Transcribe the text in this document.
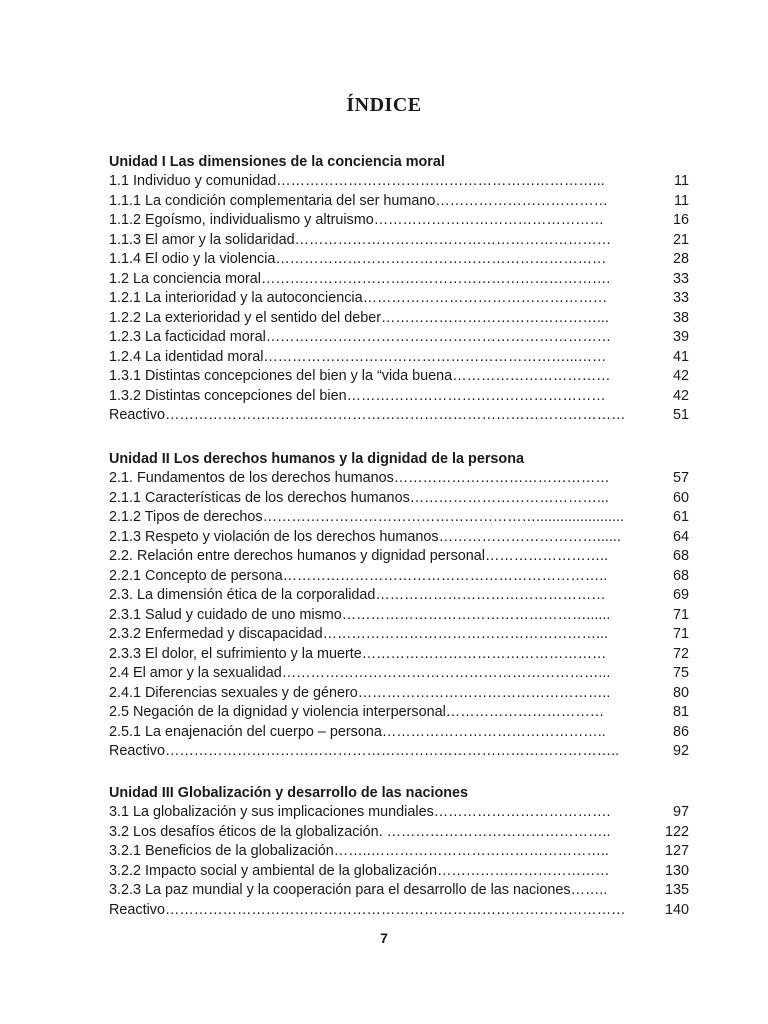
ÍNDICE
Unidad I Las dimensiones de la conciencia moral
1.1 Individuo y comunidad…………………………………………………………...	11
1.1.1 La condición complementaria del ser humano………………………………	11
1.1.2 Egoísmo, individualismo y altruismo…………………………………………	16
1.1.3 El amor y la solidaridad…………………………………………………………	21
1.1.4 El odio y la violencia……………………………………………………………	28
1.2 La conciencia moral……………………………………………………………….	33
1.2.1 La interioridad y la autoconciencia……………………………………………	33
1.2.2 La exterioridad y el sentido del deber………………………………………...	38
1.2.3 La facticidad moral………………………………………………………………	39
1.2.4 La identidad moral………………………………………………………...……	41
1.3.1 Distintas concepciones del bien y la “vida buena……………………………	42
1.3.2 Distintas concepciones del bien………………………………………………	42
Reactivo……………………………………………………………………………………	51
Unidad II Los derechos humanos y la dignidad de la persona
2.1. Fundamentos de los derechos humanos………………………………………	57
2.1.1 Características de los derechos humanos…………………………………...	60
2.1.2 Tipos de derechos…………………………………………………......................	61
2.1.3 Respeto y violación de los derechos humanos……………………………......	64
2.2. Relación entre derechos humanos y dignidad personal……………………..	68
2.2.1 Concepto de persona…………………………………………………………..	68
2.3. La dimensión ética de la corporalidad…………………………………………	69
2.3.1 Salud y cuidado de uno mismo……………………………………………......	71
2.3.2 Enfermedad y discapacidad…………………………………………………...	71
2.3.3 El dolor, el sufrimiento y la muerte……………………………………………	72
2.4 El amor y la sexualidad…………………………………………………………...	75
2.4.1 Diferencias sexuales y de género……………………………………………..	80
2.5 Negación de la dignidad y violencia interpersonal……………………………	81
2.5.1 La enajenación del cuerpo – persona………………………………………..	86
Reactivo…………………………………………………………………………………..	92
Unidad III Globalización y desarrollo de las naciones
3.1 La globalización y sus implicaciones mundiales……………………………….	97
3.2 Los desafíos éticos de la globalización. ………………………………………..	122
3.2.1 Beneficios de la globalización……..…………………………………………..	127
3.2.2 Impacto social y ambiental de la globalización………………………………	130
3.2.3 La paz mundial y la cooperación para el desarrollo de las naciones……..	135
Reactivo……………………………………………………………………………………	140
7
